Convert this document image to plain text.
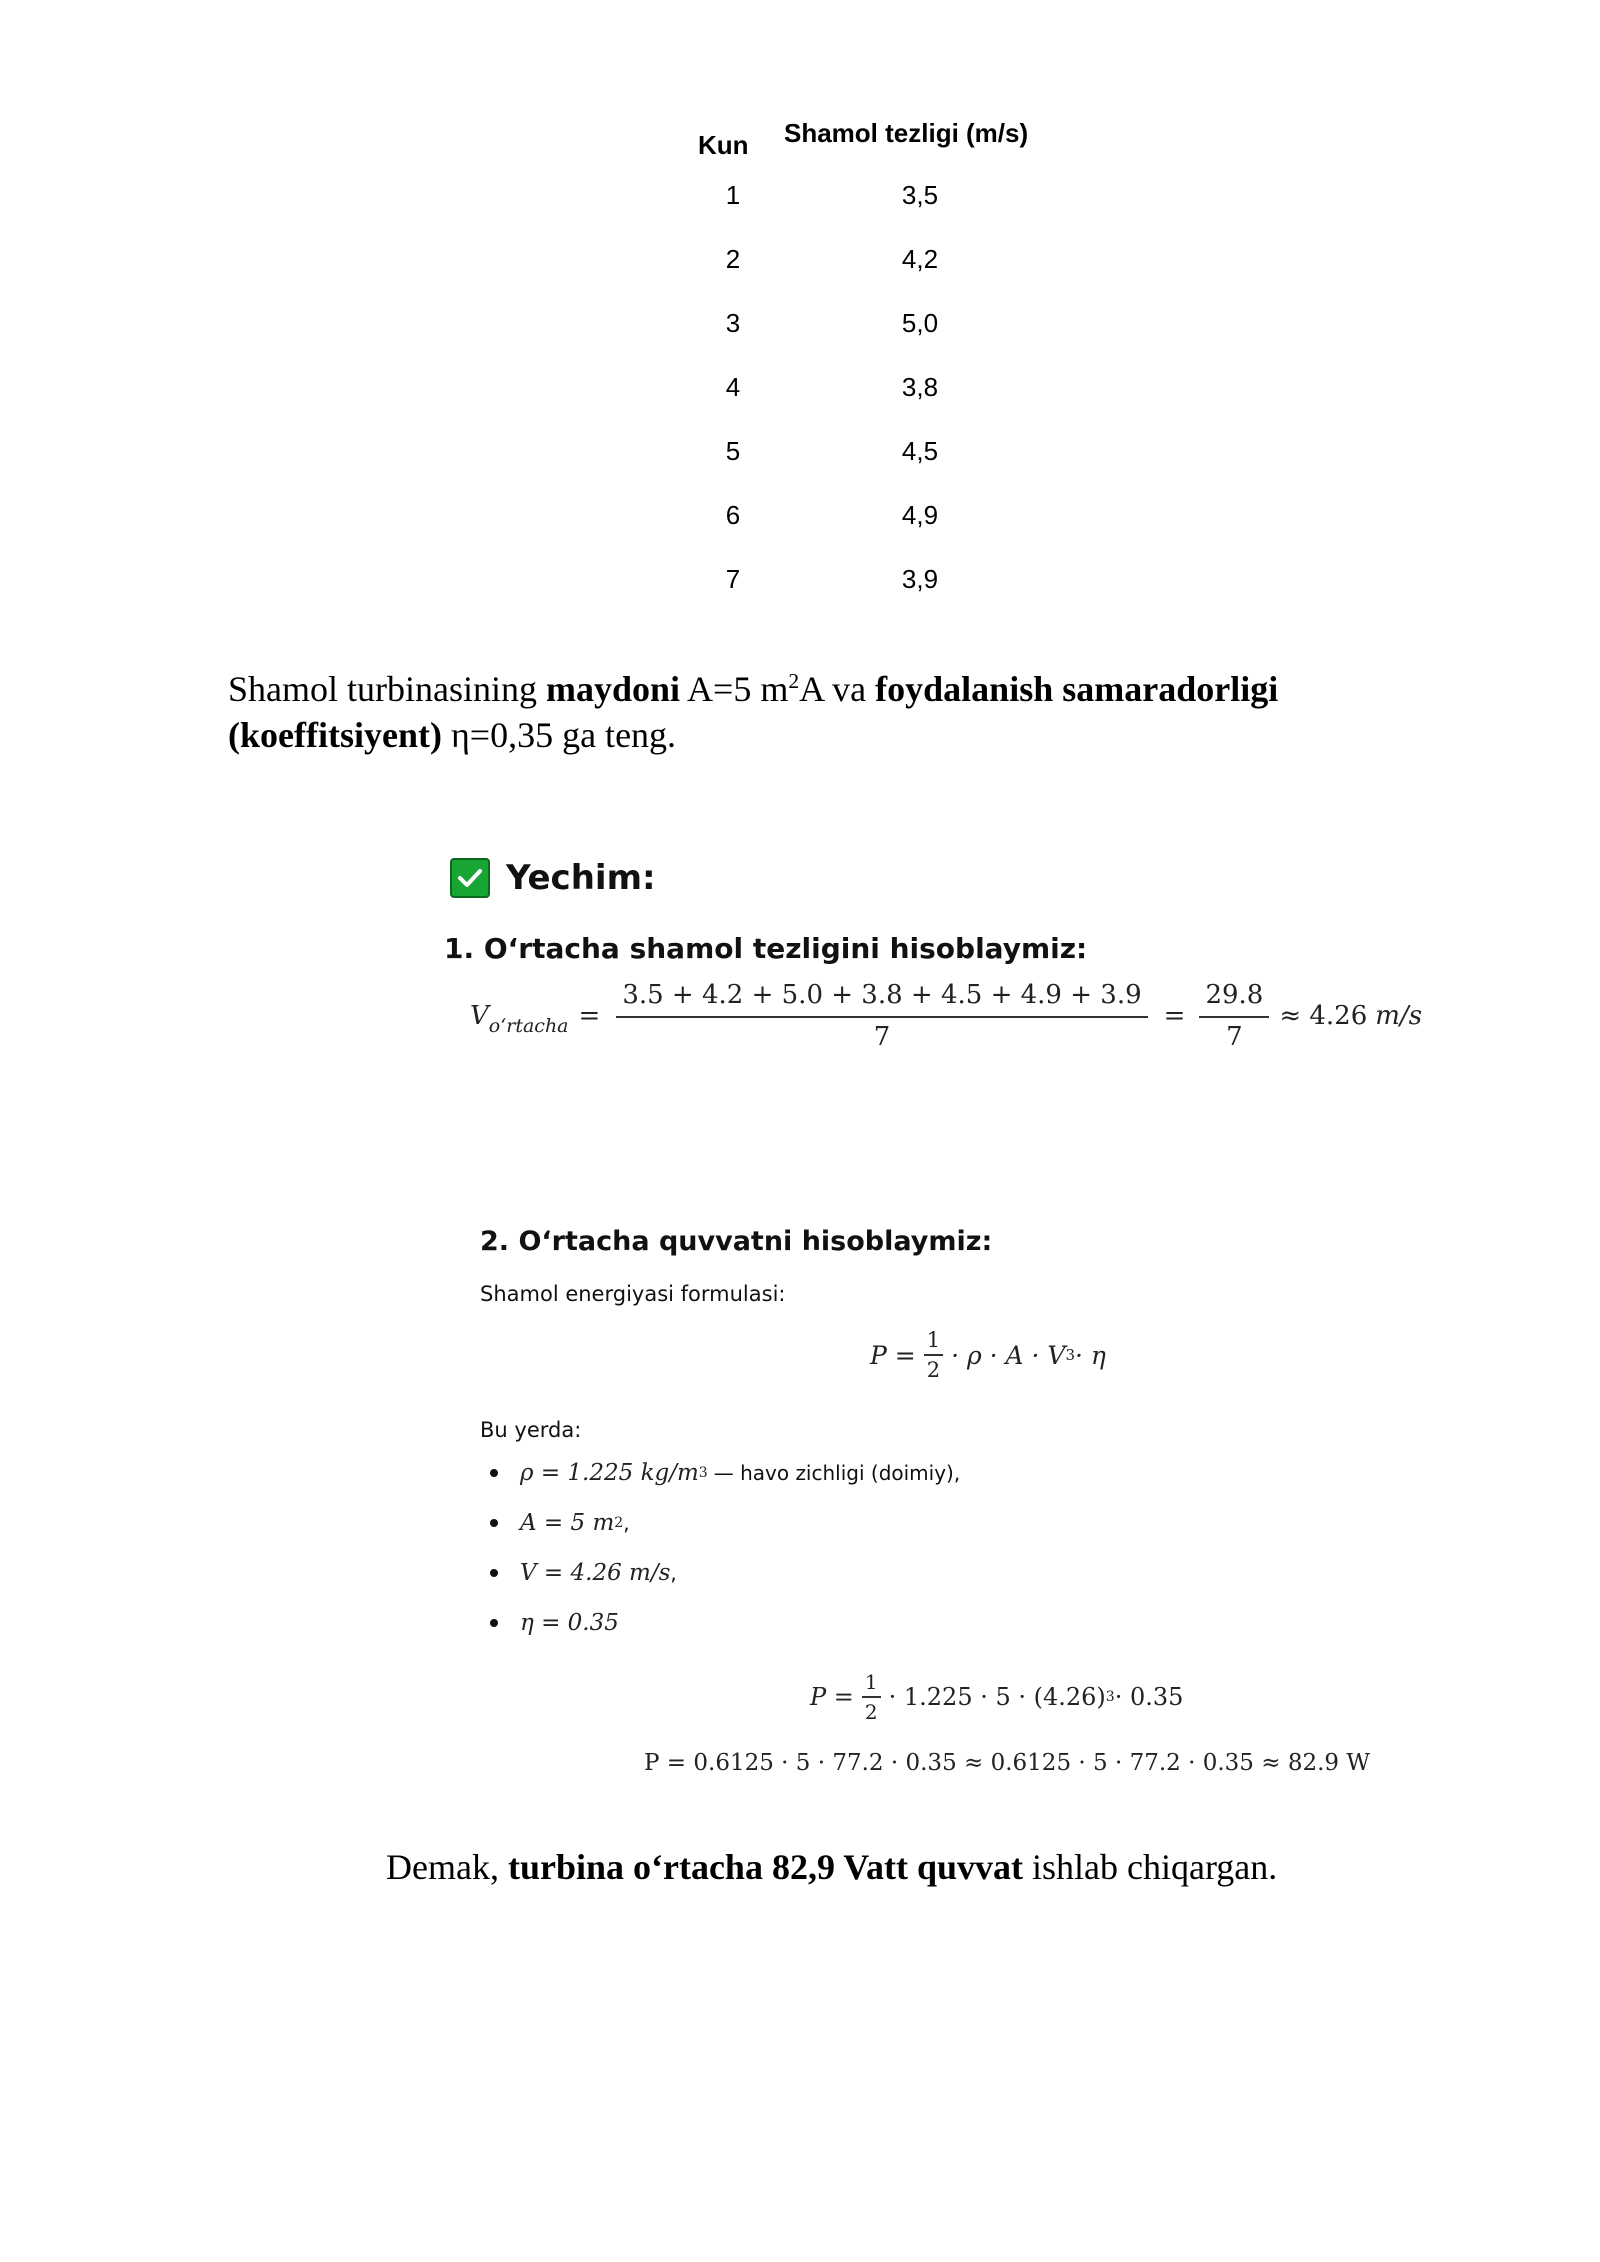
Kun Shamol tezligi (m/s)
1	3,5
2	4,2
3	5,0
4	3,8
5	4,5
6	4,9
7	3,9
Shamol turbinasining maydoni A=5 $m^2A$ va foydalanish samaradorligi
(koeffitsiyent) η=0,35 ga teng.
Yechim:
1. O‘rtacha shamol tezligini hisoblaymiz:
V o‘rtacha = $\frac{3.5 + 4.2 + 5.0 + 3.8 + 4.5 + 4.9 + 3.9}{7} = \frac{29.8}{7} \approx 4.26$ m/s
2. O‘rtacha quvvatni hisoblaymiz:
Shamol energiyasi formulasi:
$P = \frac{1}{2} \cdot \rho \cdot A \cdot V$ 3 · η
Bu yerda:
ρ = 1.225 kg/m 3 — havo zichligi (doimiy),
A = 5 m 2 ,
V = 4.26 m/s ,
η = 0.35
$P = \frac{1}{2} \cdot 1.225 \cdot 5 \cdot (4.26) 3 \cdot 0.35$
P = 0.6125 · 5 · 77.2 · 0.35 ≈ 0.6125 · 5 · 77.2 · 0.35 ≈ 82.9 W
Demak, turbina o‘rtacha 82,9 Vatt quvvat ishlab chiqargan.
